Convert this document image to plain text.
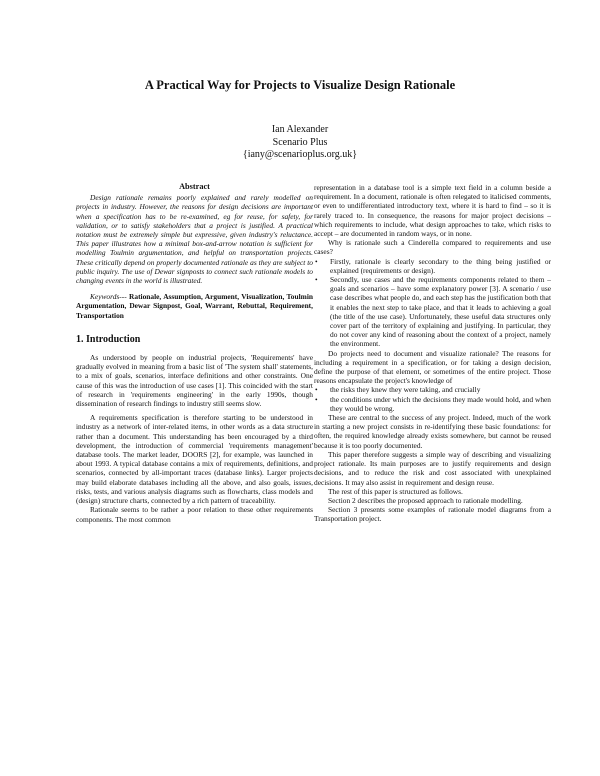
A Practical Way for Projects to Visualize Design Rationale
Ian Alexander
Scenario Plus
{iany@scenarioplus.org.uk}
Abstract

Design rationale remains poorly explained and rarely modelled on projects in industry. However, the reasons for design decisions are important when a specification has to be re-examined, eg for reuse, for safety, for validation, or to satisfy stakeholders that a project is justified. A practical notation must be extremely simple but expressive, given industry's reluctance. This paper illustrates how a minimal box-and-arrow notation is sufficient for modelling Toulmin argumentation, and helpful on transportation projects. These critically depend on properly documented rationale as they are subject to public inquiry. The use of Dewar signposts to connect such rationale models to changing events in the world is illustrated.

Keywords--- Rationale, Assumption, Argument, Visualization, Toulmin Argumentation, Dewar Signpost, Goal, Warrant, Rebuttal, Requirement, Transportation

1. Introduction

As understood by people on industrial projects, 'Requirements' have gradually evolved in meaning from a basic list of 'The system shall' statements, to a mix of goals, scenarios, interface definitions and other constraints. One cause of this was the introduction of use cases [1]. This coincided with the start of research in 'requirements engineering' in the early 1990s, though dissemination of research findings to industry still seems slow.

A requirements specification is therefore starting to be understood in industry as a network of inter-related items, in other words as a data structure rather than a document. This understanding has been encouraged by a third development, the introduction of commercial 'requirements management' database tools. The market leader, DOORS [2], for example, was launched in about 1993. A typical database contains a mix of requirements, definitions, and scenarios, connected by all-important traces (database links). Larger projects may build elaborate databases including all the above, and also goals, issues, risks, tests, and various analysis diagrams such as flowcharts, class models and (design) structure charts, connected by a rich pattern of traceability.

Rationale seems to be rather a poor relation to these other requirements components. The most common

representation in a database tool is a simple text field in a column beside a requirement. In a document, rationale is often relegated to italicised comments, or even to undifferentiated introductory text, where it is hard to find – so it is rarely traced to. In consequence, the reasons for major project decisions – which requirements to include, what design approaches to take, which risks to accept – are documented in random ways, or in none.

Why is rationale such a Cinderella compared to requirements and use cases?

• Firstly, rationale is clearly secondary to the thing being justified or explained (requirements or design).
• Secondly, use cases and the requirements components related to them – goals and scenarios – have some explanatory power [3]. A scenario / use case describes what people do, and each step has the justification both that it enables the next step to take place, and that it leads to achieving a goal (the title of the use case). Unfortunately, these useful data structures only cover part of the territory of explaining and justifying. In particular, they do not cover any kind of reasoning about the context of a project, namely the environment.

Do projects need to document and visualize rationale? The reasons for including a requirement in a specification, or for taking a design decision, define the purpose of that element, or sometimes of the entire project. Those reasons encapsulate the project's knowledge of

• the risks they knew they were taking, and crucially
• the conditions under which the decisions they made would hold, and when they would be wrong.

These are central to the success of any project. Indeed, much of the work in starting a new project consists in re-identifying these basic foundations: for often, the required knowledge already exists somewhere, but cannot be reused because it is too poorly documented.

This paper therefore suggests a simple way of describing and visualizing project rationale. Its main purposes are to justify requirements and design decisions, and to reduce the risk and cost associated with unexplained decisions. It may also assist in requirement and design reuse.

The rest of this paper is structured as follows.

Section 2 describes the proposed approach to rationale modelling.

Section 3 presents some examples of rationale model diagrams from a Transportation project.
